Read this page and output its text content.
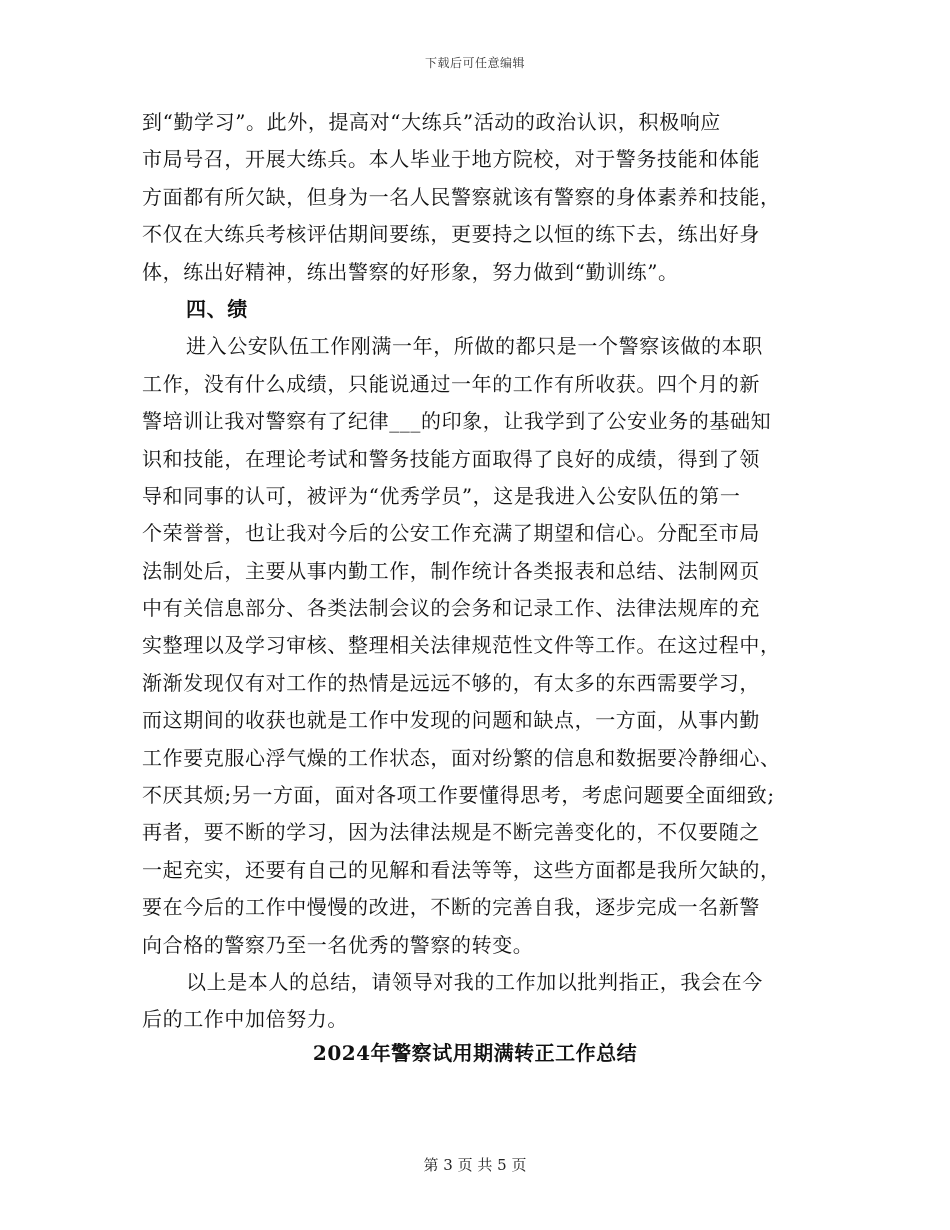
下载后可任意编辑
到“勤学习”。此外，提高对“大练兵”活动的政治认识，积极响应
市局号召，开展大练兵。本人毕业于地方院校，对于警务技能和体能
方面都有所欠缺，但身为一名人民警察就该有警察的身体素养和技能，
不仅在大练兵考核评估期间要练，更要持之以恒的练下去，练出好身
体，练出好精神，练出警察的好形象，努力做到“勤训练”。
四、绩
进入公安队伍工作刚满一年，所做的都只是一个警察该做的本职
工作，没有什么成绩，只能说通过一年的工作有所收获。四个月的新
警培训让我对警察有了纪律___的印象，让我学到了公安业务的基础知
识和技能，在理论考试和警务技能方面取得了良好的成绩，得到了领
导和同事的认可，被评为“优秀学员”，这是我进入公安队伍的第一
个荣誉誉，也让我对今后的公安工作充满了期望和信心。分配至市局
法制处后，主要从事内勤工作，制作统计各类报表和总结、法制网页
中有关信息部分、各类法制会议的会务和记录工作、法律法规库的充
实整理以及学习审核、整理相关法律规范性文件等工作。在这过程中，
渐渐发现仅有对工作的热情是远远不够的，有太多的东西需要学习，
而这期间的收获也就是工作中发现的问题和缺点，一方面，从事内勤
工作要克服心浮气燥的工作状态，面对纷繁的信息和数据要冷静细心、
不厌其烦;另一方面，面对各项工作要懂得思考，考虑问题要全面细致;
再者，要不断的学习，因为法律法规是不断完善变化的，不仅要随之
一起充实，还要有自己的见解和看法等等，这些方面都是我所欠缺的，
要在今后的工作中慢慢的改进，不断的完善自我，逐步完成一名新警
向合格的警察乃至一名优秀的警察的转变。
以上是本人的总结，请领导对我的工作加以批判指正，我会在今
后的工作中加倍努力。
2024年警察试用期满转正工作总结
第 3 页 共 5 页
